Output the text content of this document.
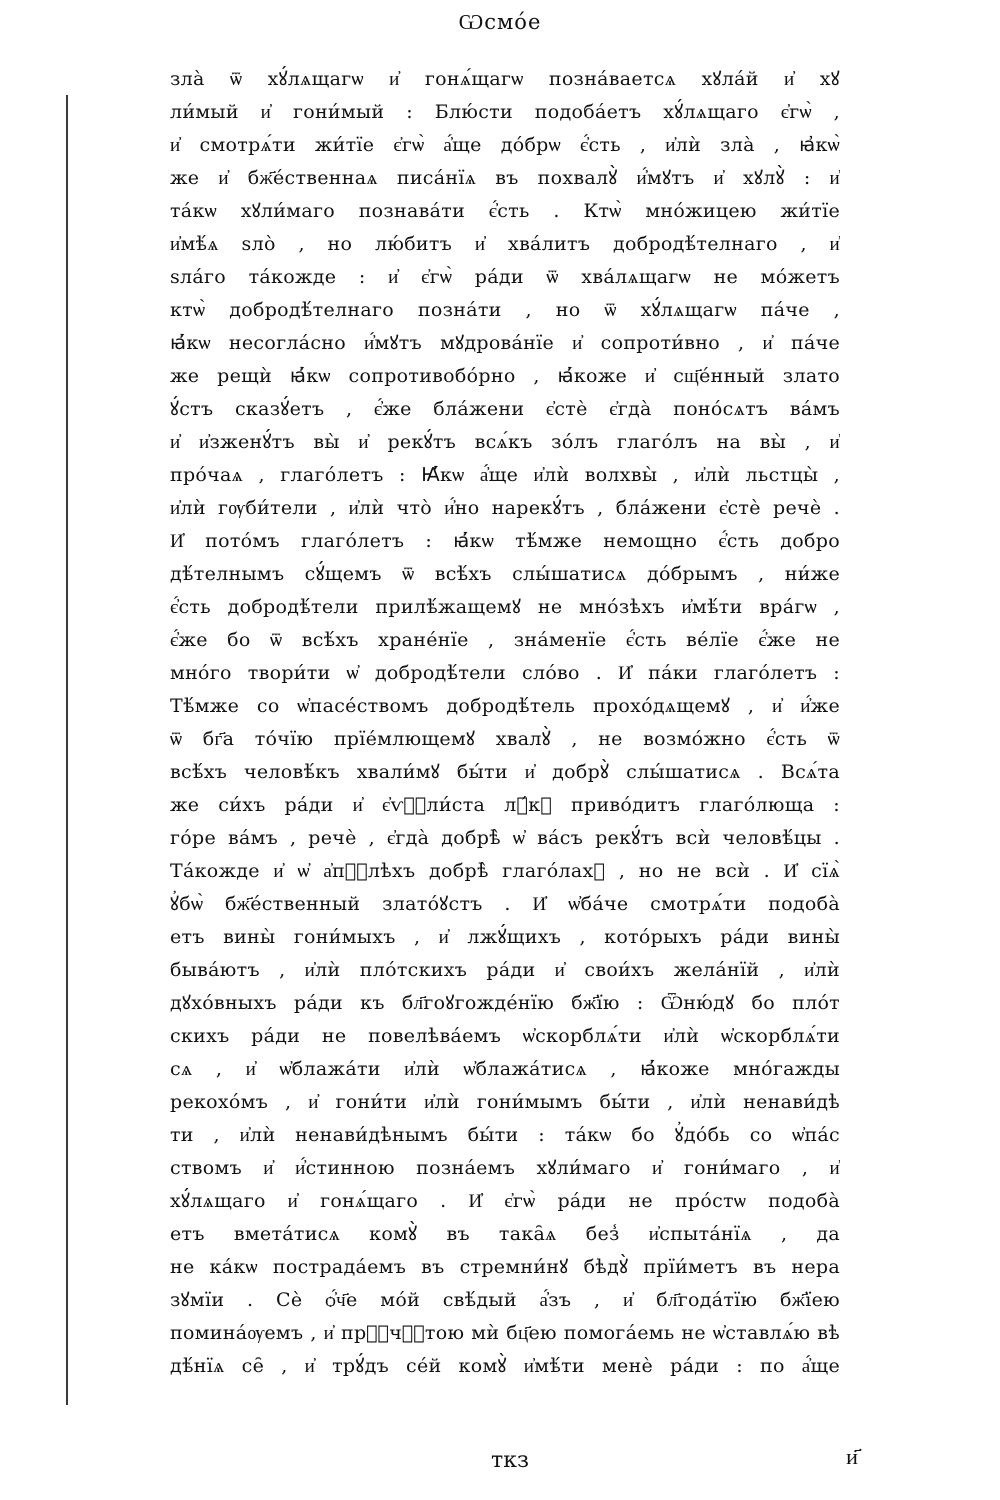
Ѡсмо́е
зла̀ ѿ хꙋ́лѧщагѡ и҆ гонѧ́щагѡ позна́ваетсѧ хꙋла́й и҆ хꙋ
ли́мый и҆ гони́мый : Блю́сти подоба́етъ хꙋ́лѧщаго є҆гѡ̀ ,
и҆ смотрѧ́ти жи́тїе є҆гѡ̀ а҆́ще до́брѡ є҆́сть , и҆лѝ зла̀ , ꙗ҆кѡ̀
же и҆ бж҃е́ственнаѧ писа́нїѧ въ похвалꙋ̀ и҆́мꙋтъ и҆ хꙋлꙋ̀ : и҆
та́кѡ хꙋли́маго познава́ти є҆́сть . Ктѡ̀ мно́жицею жи́тїе
и҆мѣ́ѧ ѕло̀ , но лю́битъ и҆ хва́литъ добродѣ́телнаго , и҆
ѕла́го та́кожде : и҆ є҆гѡ̀ ра́ди ѿ хва́лѧщагѡ не мо́жетъ
ктѡ̀ добродѣ́телнаго позна́ти , но ѿ хꙋ́лѧщагѡ па́че ,
ꙗ҆́кѡ несогла́сно и҆́мꙋтъ мꙋдрова́нїе и҆ сопроти́вно , и҆ па́че
же рещѝ ꙗ҆́кѡ сопротивобо́рно , ꙗ҆́коже и҆ сщ҃е́нный злато
ꙋ́стъ сказꙋ́етъ , є҆́же бла́жени є҆стѐ є҆гда̀ поно́сѧтъ ва́мъ
и҆ и҆зженꙋ́тъ вы̀ и҆ рекꙋ́тъ всѧ́къ зо́лъ глаго́лъ на вы̀ , и҆
про́чаѧ , глаго́летъ : Ꙗ҆́кѡ а҆́ще и҆лѝ волхвы̀ , и҆лѝ льстцы̀ ,
и҆лѝ гѹби́тели , и҆лѝ что̀ и҆́но нарекꙋ́тъ , бла́жени є҆стѐ речѐ .
И҆ пото́мъ глаго́летъ : ꙗ҆́кѡ тѣ́мже немощно є҆́сть добро
дѣ́телнымъ сꙋ́щемъ ѿ всѣ́хъ слы́шатисѧ до́брымъ , ни́же
є҆́сть добродѣ́тели прилѣ́жащемꙋ не мно́зѣхъ и҆мѣ́ти вра́гѡ ,
є҆́же бо ѿ всѣ́хъ хране́нїе , зна́менїе є҆́сть ве́лїе є҆́же не
мно́го твори́ти ѡ҆ добродѣ́тели сло́во . И҆ па́ки глаго́летъ :
Тѣ́мже со ѡ҆пасе́ствомъ добродѣ́тель прохо́дѧщемꙋ , и҆ и҆́же
ѿ бг҃а то́чїю прїе́млющемꙋ хвалꙋ̀ , не возмо́жно є҆́сть ѿ
всѣ́хъ человѣ́къ хвали́мꙋ бы́ти и҆ добрꙋ̀ слы́шатисѧ . Всѧ́та
же си́хъ ра́ди и҆ є҆ѵⷢ҇ли́ста лꙋ́кꙋ приво́дитъ глаго́люща :
го́ре ва́мъ , речѐ , є҆гда̀ добрѣ̀ ѡ҆ ва́съ рекꙋ́тъ всѝ человѣ́цы .
Та́кожде и҆ ѡ҆ а҆пⷭ҇лѣхъ добрѣ̀ глаго́лахꙋ , но не всѝ . И҆ сїѧ̀
ꙋ҆бѡ̀ бж҃е́ственный злато́ꙋстъ . И҆ ѡ҆ба́че смотрѧ́ти подоба̀
етъ вины̀ гони́мыхъ , и҆ лжꙋ́щихъ , кото́рыхъ ра́ди вины̀
быва́ютъ , и҆лѝ пло́тскихъ ра́ди и҆ свои́хъ жела́нїй , и҆лѝ
дꙋхо́вныхъ ра́ди къ бл҃гоꙋгожде́нїю бж҃їю : Ѿню́дꙋ бо пло́т
скихъ ра́ди не повелѣва́емъ ѡ҆скорблѧ́ти и҆лѝ ѡ҆скорблѧ́ти
сѧ , и҆ ѡ҆блажа́ти и҆лѝ ѡ҆блажа́тисѧ , ꙗ҆́коже мно́гажды
рекохо́мъ , и҆ гони́ти и҆лѝ гони́мымъ бы́ти , и҆лѝ ненави́дѣ
ти , и҆лѝ ненави́дѣнымъ бы́ти : та́кѡ бо ꙋ҆до́бь со ѡ҆па́с
ствомъ и҆ и҆́стинною позна́емъ хꙋли́маго и҆ гони́маго , и҆
хꙋ́лѧщаго и҆ гонѧ́щаго . И҆ є҆гѡ̀ ра́ди не про́стѡ подоба̀
етъ вмета́тисѧ комꙋ̀ въ така̑ѧ без̾ и҆спыта́нїѧ , да
не ка́кѡ пострада́емъ въ стремни́нꙋ бѣдꙋ̀ прїи́метъ въ нера
зꙋмїи . Сѐ ѻ҆́ч҃е мо́й свѣ́дый а҆́зъ , и҆ бл҃года́тїю бж҃їею
помина́ѹемъ , и҆ прⷭ҇чⷭ҇тою мѝ бц҃ею помога́емь не ѡ҆ставлѧ́ю вѣ
дѣ́нїѧ се̑ , и҆ трꙋ́дъ се́й комꙋ̀ и҆мѣ́ти менѐ ра́ди : по а҆́ще
ткз	и҃
